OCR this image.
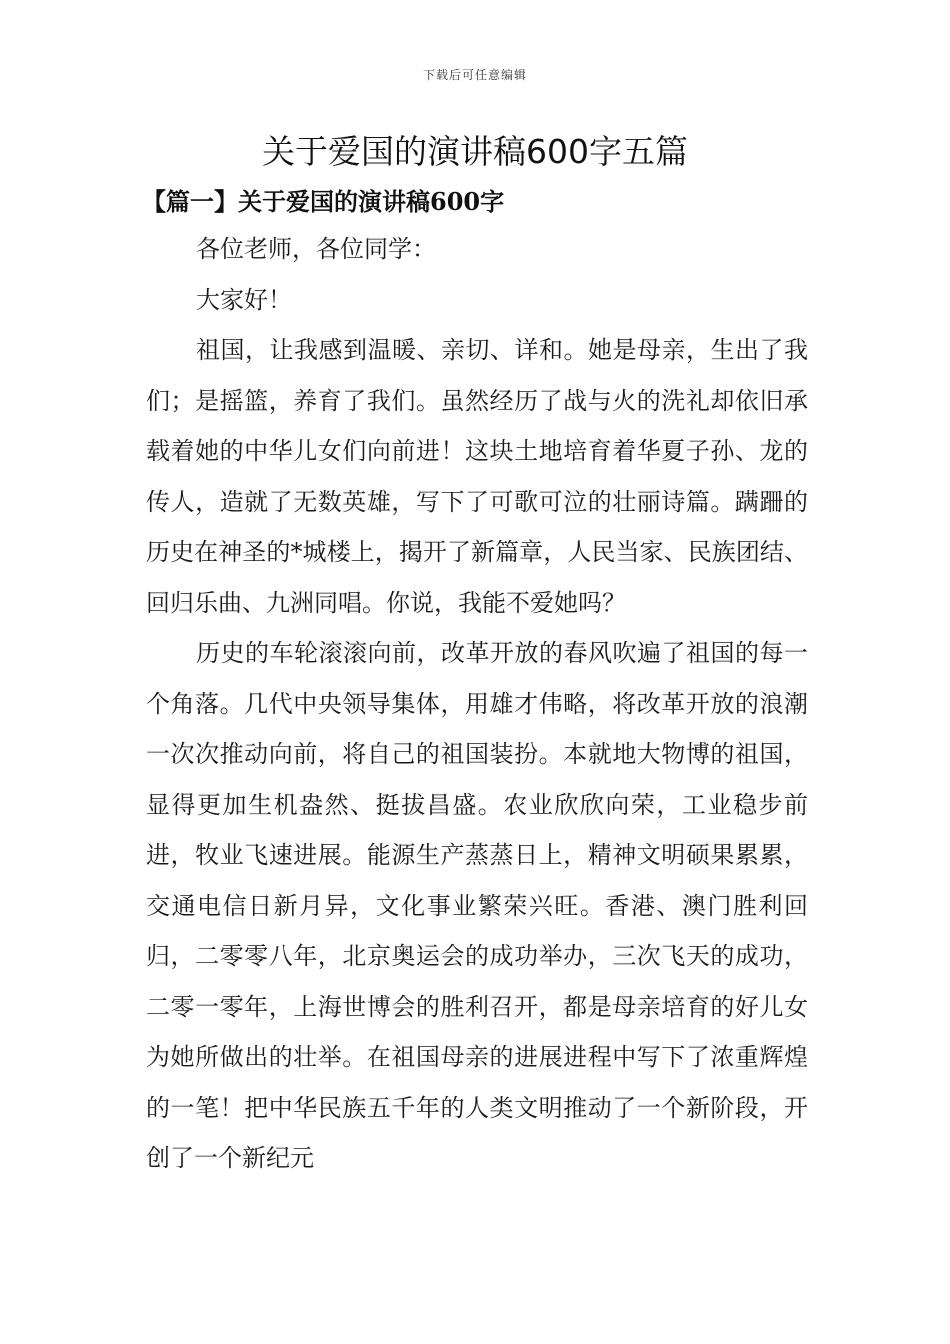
下载后可任意编辑
关于爱国的演讲稿600字五篇
【篇一】关于爱国的演讲稿600字

各位老师，各位同学：

大家好！

祖国，让我感到温暖、亲切、详和。她是母亲，生出了我们；是摇篮，养育了我们。虽然经历了战与火的洗礼却依旧承载着她的中华儿女们向前进！这块土地培育着华夏子孙、龙的传人，造就了无数英雄，写下了可歌可泣的壮丽诗篇。蹒跚的历史在神圣的*城楼上，揭开了新篇章，人民当家、民族团结、回归乐曲、九洲同唱。你说，我能不爱她吗？

历史的车轮滚滚向前，改革开放的春风吹遍了祖国的每一个角落。几代中央领导集体，用雄才伟略，将改革开放的浪潮一次次推动向前，将自己的祖国装扮。本就地大物博的祖国，显得更加生机盎然、挺拔昌盛。农业欣欣向荣，工业稳步前进，牧业飞速进展。能源生产蒸蒸日上，精神文明硕果累累，交通电信日新月异，文化事业繁荣兴旺。香港、澳门胜利回归，二零零八年，北京奥运会的成功举办，三次飞天的成功，二零一零年，上海世博会的胜利召开，都是母亲培育的好儿女为她所做出的壮举。在祖国母亲的进展进程中写下了浓重辉煌的一笔！把中华民族五千年的人类文明推动了一个新阶段，开创了一个新纪元
